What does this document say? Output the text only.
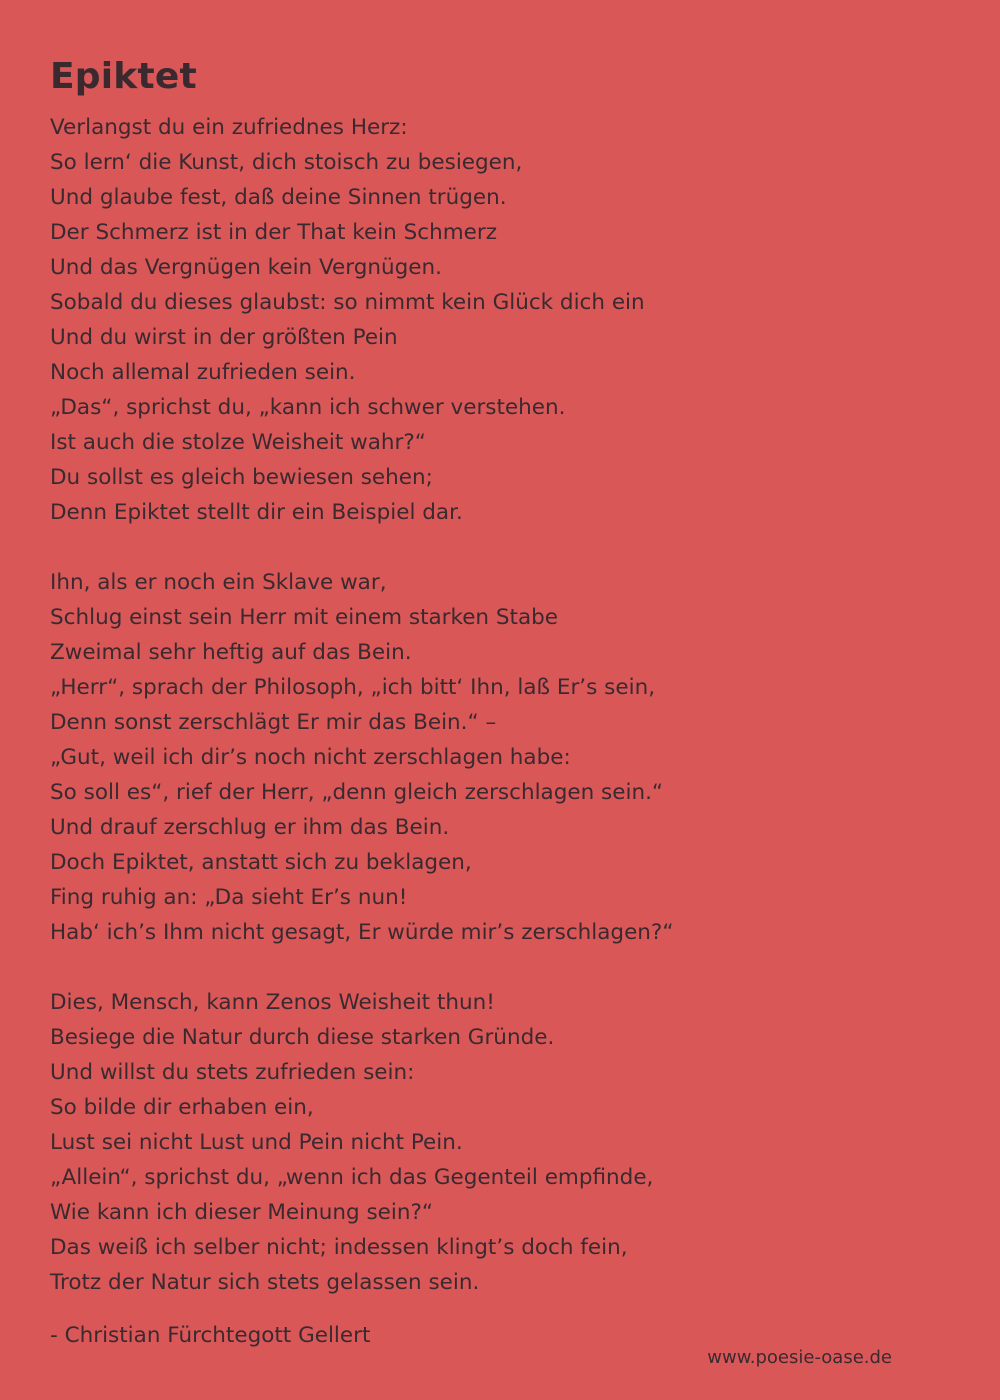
Epiktet
Verlangst du ein zufriednes Herz:
So lern‘ die Kunst, dich stoisch zu besiegen,
Und glaube fest, daß deine Sinnen trügen.
Der Schmerz ist in der That kein Schmerz
Und das Vergnügen kein Vergnügen.
Sobald du dieses glaubst: so nimmt kein Glück dich ein
Und du wirst in der größten Pein
Noch allemal zufrieden sein.
„Das“, sprichst du, „kann ich schwer verstehen.
Ist auch die stolze Weisheit wahr?“
Du sollst es gleich bewiesen sehen;
Denn Epiktet stellt dir ein Beispiel dar.
Ihn, als er noch ein Sklave war,
Schlug einst sein Herr mit einem starken Stabe
Zweimal sehr heftig auf das Bein.
„Herr“, sprach der Philosoph, „ich bitt‘ Ihn, laß Er’s sein,
Denn sonst zerschlägt Er mir das Bein.“ –
„Gut, weil ich dir’s noch nicht zerschlagen habe:
So soll es“, rief der Herr, „denn gleich zerschlagen sein.“
Und drauf zerschlug er ihm das Bein.
Doch Epiktet, anstatt sich zu beklagen,
Fing ruhig an: „Da sieht Er’s nun!
Hab‘ ich’s Ihm nicht gesagt, Er würde mir’s zerschlagen?“
Dies, Mensch, kann Zenos Weisheit thun!
Besiege die Natur durch diese starken Gründe.
Und willst du stets zufrieden sein:
So bilde dir erhaben ein,
Lust sei nicht Lust und Pein nicht Pein.
„Allein“, sprichst du, „wenn ich das Gegenteil empfinde,
Wie kann ich dieser Meinung sein?“
Das weiß ich selber nicht; indessen klingt’s doch fein,
Trotz der Natur sich stets gelassen sein.
- Christian Fürchtegott Gellert
www.poesie-oase.de
